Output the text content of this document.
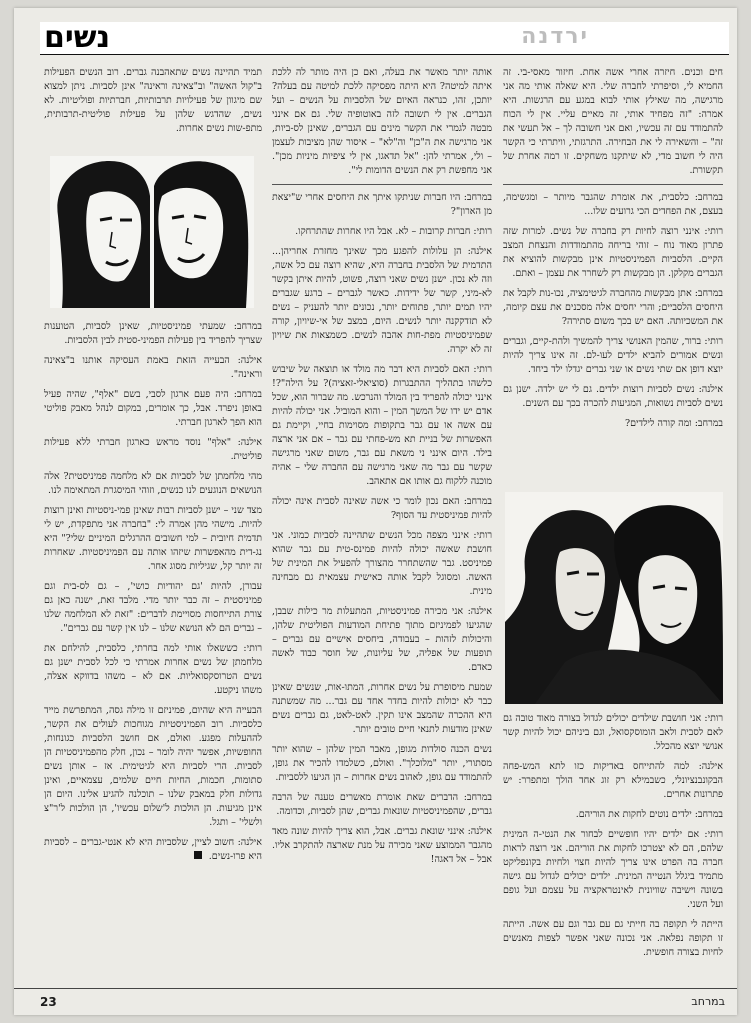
ירדנה
נשים

חים וכנים. חיזרה אחרי אשה אחת. חיזור מאסי-בי. זה החמיא לי, וסיפרתי לחברה שלי. היא שאלה אותי מה אני מרגישה, מה שאילץ אותי לבוא במגע עם הרגשות. היא אמרה: "זה מפחיד אותי, זה מאיים עליי. אין לי הכוח להתמודד עם זה עכשיו, ואם אני חשובה לך – אל תעשי את זה" – והשאירה לי את הבחירה. התרגזתי, וויתרתי כי הקשר היה לי חשוב מדי, לא שיתקנו משחקים. זו רמה אחרת של תקשורת.

במרחב: כלסבית, את אומרת שהגבר מיותר – ומגשימה, בעצם, את הפחדים הכי גרועים שלו...

רותי: אינני רוצה לחיות רק בחברה של נשים. למרות שזה פתרון מאוד נוח – זוהי בריחה מהתמודדות והנצחת המצב הקיים. הלסביות הפמיניסטיות אינן מבקשות להוציא את הגברים מקלקן. הן מבקשות רק לשחרר את עצמן – ואתם.

במרחב: אתן מבקשות מהחברה לגיטימציה, נכו-נות לקבל את היחסים הלסביים; והרי יחסים אלה מסכנים את עצם קיומה, את המשכיותה. האם יש בכך משום סתירה?

רותי: ברור, שהמין האנושי צריך להמשיך ולהת-קיים, וגברים ונשים אמורים להביא ילדים לעו-לם. זה אינו צריך להיות יוצא דופן אם שתי נשים או שני גברים יגדלו ילד ביחד.

אילנה: נשים לסביות רוצות ילדים. גם לי יש ילדה. ישנן גם נשים לסביות נשואות, המגיעות להכרה בכך עם השנים.

במרחב: ומה קורה לילדים?

רותי: אני חושבת שילדים יכולים לגדול בצורה מאוד טובה גם לאם לסבית ולאב הומוסקסואל, וגם ביניהם יכול להיות קשר אנושי יוצא מהכלל.

אילנה: למה להתייחס באדיקות כזו לתא המש-פחה הבקונבנציונלי, כשבמילא רק זוג אחד הולך ומתפרר: יש פתרונות אחרים.

במרחב: ילדים נוטים לחקות את הוריהם.

רותי: אם ילדים יהיו חופשיים לבחור את הנטי-ה המינית שלהם, הם לא יצטרכו לחקות את הוריהם. אני רוצה לראות חברה בה הפרט אינו צריך להיות חצוי ולחיות בקונפליקט מתמיד ביגלל הנטייה המינית. ילדים יכולים לגדול עם גישה בשונה וישיבה שוויונית לאינטראקציה על עצמם ועל גופם ועל השני.

הייתה לי תקופה בה חייתי גם עם גבר וגם עם אשה. הייתה זו תקופה נפלאה. אני נכונה שאני אפשר לצפות מאנשים לחיות בצורה חופשית.

אותה יותר מאשר את בעלה, ואם כן היה מותר לה ללכת איתה למיטה? היא היתה מפסיקה ללכת למיטה עם בעלה? יותכן, זהו, כנראה האיום של הלסביות על הנשים – ועל הגברים. אין לי תשובה לזה באוטופיה שלי. גם אם אינני מבטה לגמרי את הקשר מינים עם הגברים, שאינן לס-ביות, אני מרגישה את ה"כן" וה"לא" – איסור שהן מציבות לעצמן – ולי, אמרתי להן: "אל תדאגו, אין לי ציפיות מיניות מכן". אני מחפשת רק את הנשים הדומות לי".

במרחב: היו חברות שניתקו איתך את היחסים אחרי ש"יצאת מן הארון"?

רותי: חברות קרובות – לא. אבל היו אחרות שהתרחקו.

אילנה: הן עלולות להפגע מכך שאינך מחזרת אחריהן... התדמית של הלסבית בחברה היא, שהיא רוצה עם כל אשה, וזה לא נכון. ישנן נשים שאני רוצה, פשוט, להיות איתן בקשר לא-מיני, קשר של ידידות. כאשר לגברים – ברגע שגברים יהיו תמים יותר, פתוחים יותר, נכונים יותר להעניק – נשים לא תזדקקנה יותר לנשים. היום, במצב של אי-שיויון, קורה שפמיניסטיות מפת-חות אהבה לנשים. כשמצאות את שיויון זה לא יקרה.

רותי: האם לסביות היא דבר מה מולד או תוצאה של שיבוש כלשהו בתהליך ההתבגרות (סוציאלי-זאציה)? על הילה"?! אינני יכולה להפריד בין המולד והנרכש. מה שברור הוא, שכל אדם יש ידו של המשך המין – והוא המוביל. אני יכולה להיות עם אשה או עם גבר בתקופות מסוימות בחיי, וקיימת גם האפשרות של בניית תא מש-פחתי עם גבר – אם אני ארצה בילד. היום אינני ני משאת עם גבר, משום שאני מרגישה שקשר עם גבר מה שאני מרגישה עם החברה שלי – אהיה מוכנה ללקוח גם אותו אם אתאהב.

במרחב: האם נכון לומר כי אשה שאינה לסבית אינה יכולה להיות פמיניסטית עד הסוף?

רותי: אינני מצפה מכל הנשים שתהיינה לסביות כמוני. אני חושבת שאשה יכולה להיות פמינס-טית עם גבר שהוא פמיניסט. גבר שהשתחרר מהצורך להפעיל את המינית של האשה. ומסוגל לקבל אותה כאישית עצמאית גם מבחינה מינית.

אילנה: אני מכירה פמיניסטיות, המתעלות מר כילות שבבן, שהגיעו לפמיניזם מתוך פתיחת המודעות הפוליטית שלהן, והיכולות לזהות – בעבודה, ביחסים אישיים עם גברים – תופעות של אפליה, של עליונות, של חוסר כבוד לאשה כאדם.

שמעת מיסופרת על נשים אחרות, המתו-אות, שנשים שאינן כבר לא יכולות להיות בחדר אחד עם גבר... מה שמשתנה היא ההכרה שהמצב אינו תקין. לאט-לאט, גם גברים נשים שאינן מודעות לתנאי חיים טובים יותר.

נשים הכנה סולדות מגופן, מאבר המין שלהן – שהוא יותר מסתורי, יותר "מלוכלך". ואולם, כשלמדו להכיר את גופן, להתמודד עם גופן, לאהוב נשים אחרות – הן הגיעו ללסביות.

במרחב: הדברים שאת אומרת מאשרים טענה של הרבה גברים, שהפמיניסטיות שונאות גברים, שהן לסביות, וכדומה.

אילנה: אינני שונאת גברים. אבל, הוא צריך להיות שונה מאד מהגבר הממוצע שאני מכירה על מנת שארצה להתקרב אליו. אבל – אל דאגה!

תמיד תהיינה נשים שתאהבנה גברים. רוב הנשים הפעילות ב"קול האשה" וב"צאינה וראינה" אינן לסביות. ניתן למצוא שם מיגוון של פעילויות תרבותיות, חברתיות ופוליטיות. לא נשים, שהדגש שלהן על פעילות פוליטית-תרבותית, מתפ-שות נשים אחרות.

במרחב: שמעתי פמיניסטיות, שאינן לסביות, הטוענות שצריך להפריד בין פעילות הפמיני-סטית לבין הלסביות.

אילנה: הבעייה הזאת באמת העסיקה אותנו ב"צאינה וראינה".

במרחב: היה פעם ארגון לסבי, בשם "אלף", שהיה פעיל באופן ניפרד. אבל, כך אומרים, במקום לנהל מאבק פוליטי הוא הפך לארגון חברתי.

אילנה: "אלף" נוסד מראש כארגון חברתי ללא פעילות פוליטית.

מהי מלחמתן של לסביות אם לא מלחמה פמיניסטית? אלה הנושאים הנוגעים לנו כנשים, וזוהי המיסגרת המתאימה לנו.

מצד שני – ישנן לסביות רבות שאינן פמי-ניסטיות ואינן רוצות להיות. מישהי מהן אמרה לי: "בחברה אני מתפקדת, יש לי תדמית חיובית – למי חשובים ההרגלים המיניים שלי?" היא נג-דית מהאפשרות שיזהו אותה עם הפמיניסטיות. שאחרות זה יותר קל, שגיליות מסוג אחר.

עבורן, להיות 'גם יהודיות כושי', – גם לס-בית וגם פמיניסטית – זה כבר יותר מדי. מלבד זאת, ישנה כאן גם צורת התייחסות מסויימת לדברים: "זאת לא המלחמה שלנו – גברים הם לא הנושא שלנו – לנו אין קשר עם גברים".

רותי: כששאלו אותי למה בחרתי, כלסבית, להילחם את מלחמתן של נשים אחרות אמרתי כי לכל לסבית ישנן גם נשים הטרוסקסואליות. אם לא – משהו בדווקא אצלה, משהו ניקטע.

הבעייה היא שהיום, פמיניזם זו מילה גסה, המתפרשת מייד כלסביות. רוב הפמיניסטיות מגוחכות לעולים את הקשר, לההעלות מפגע. ואולם, אם חושב הלסביות כגונחות, החופשיות, אפשר יהיה לומר – נכון, חלק מהפמיניסטיות הן לסביות. הרי לסביות היא לגיטימית. אז – אותן נשים סתומות, חכמות, החיות חיים שלמים, עצמאיים, ואינן גדולות חלק במאבק שלנו – תוכלנה להגיע אלינו. היום הן אינן מגיעות. הן הולכות ל'שלום עכשיו', הן הולכות ל'ר"צ ולשלי' – ותגל.

אילנה: חשוב לציין, שלסביות היא לא אנטי-גברים – לסביות היא פרו-נשים.

23	במרחב
